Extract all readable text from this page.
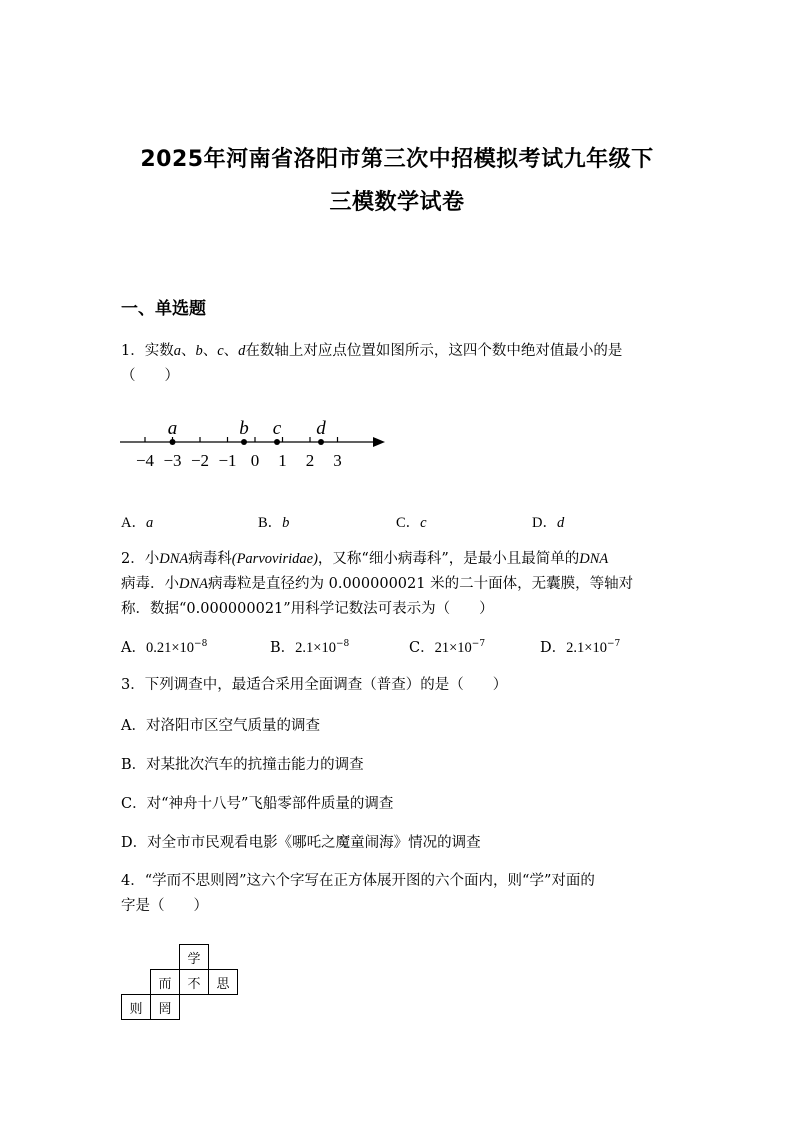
2025年河南省洛阳市第三次中招模拟考试九年级下
三模数学试卷
一、单选题
1．实数a、b、c、d在数轴上对应点位置如图所示，这四个数中绝对值最小的是
（　　）
−4 −3 −2 −1 0 1 2 3
a	b c d
A．a	B．b	C．c	D．d
2．小DNA病毒科(Parvoviridae)，又称“细小病毒科”，是最小且最简单的DNA
病毒．小DNA病毒粒是直径约为 0.000000021 米的二十面体，无囊膜，等轴对
称．数据“0.000000021”用科学记数法可表示为（　　）
A．$0.21\times 10^{-8}$	B．$2.1\times 10^{-8}$	C．$21\times 10^{-7}$	D．$2.1\times 10^{-7}$
3．下列调查中，最适合采用全面调查（普查）的是（　　）
A．对洛阳市区空气质量的调查
B．对某批次汽车的抗撞击能力的调查
C．对“神舟十八号”飞船零部件质量的调查
D．对全市市民观看电影《哪吒之魔童闹海》情况的调查
4．“学而不思则罔”这六个字写在正方体展开图的六个面内，则“学”对面的
字是（　　）
		学	
	而	不	思
则	罔		
